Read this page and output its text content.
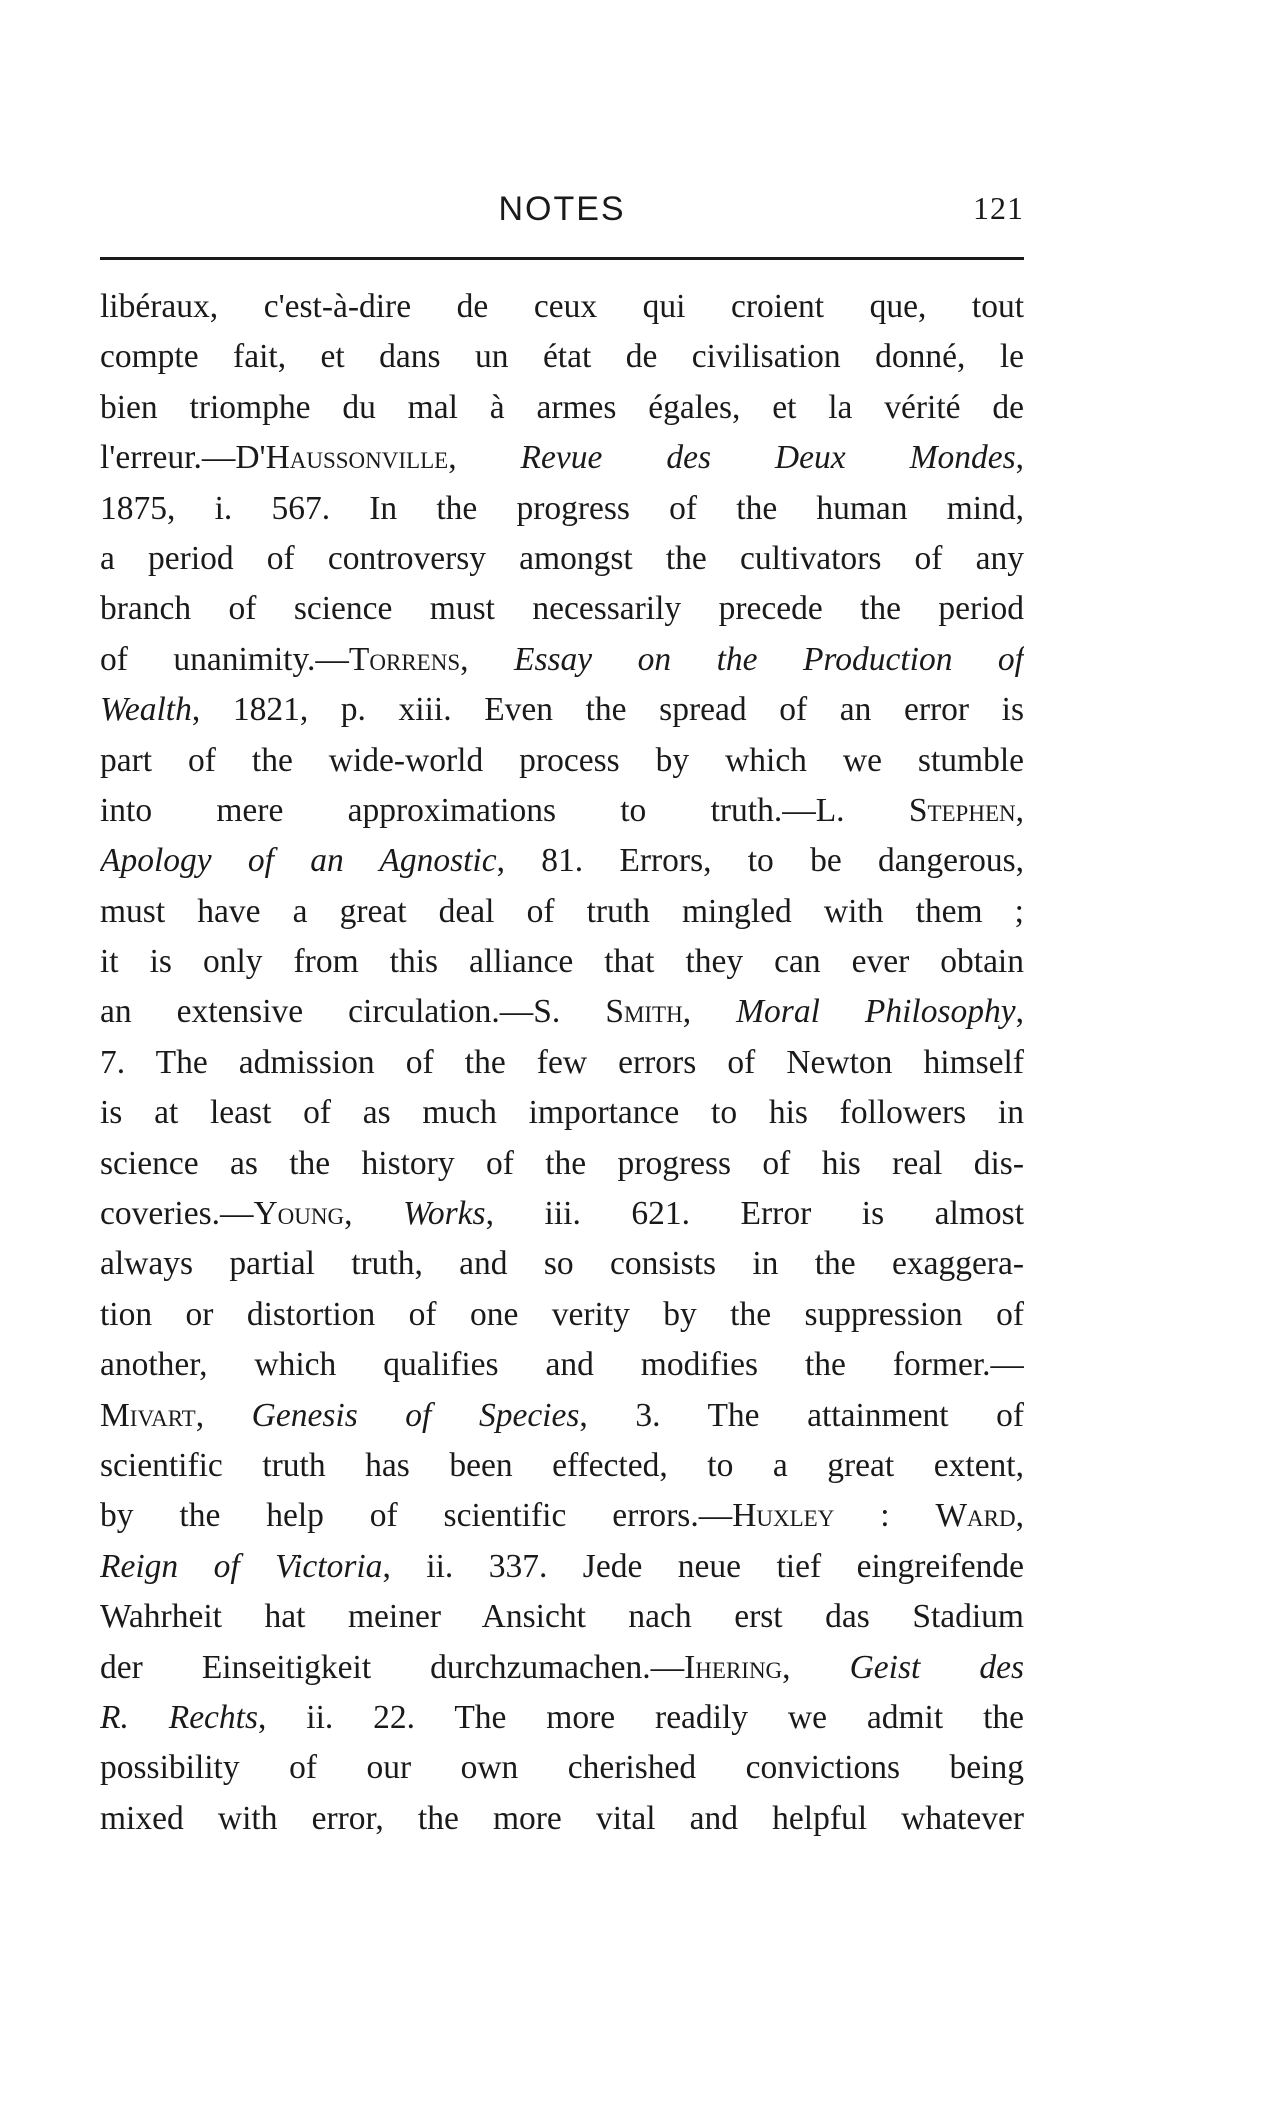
NOTES	121
libéraux, c'est-à-dire de ceux qui croient que, tout
compte fait, et dans un état de civilisation donné, le
bien triomphe du mal à armes égales, et la vérité de
l'erreur.—D'Haussonville, Revue des Deux Mondes,
1875, i. 567. In the progress of the human mind,
a period of controversy amongst the cultivators of any
branch of science must necessarily precede the period
of unanimity.—Torrens, Essay on the Production of
Wealth, 1821, p. xiii. Even the spread of an error is
part of the wide-world process by which we stumble
into mere approximations to truth.—L. Stephen,
Apology of an Agnostic, 81. Errors, to be dangerous,
must have a great deal of truth mingled with them ;
it is only from this alliance that they can ever obtain
an extensive circulation.—S. Smith, Moral Philosophy,
7. The admission of the few errors of Newton himself
is at least of as much importance to his followers in
science as the history of the progress of his real dis-
coveries.—Young, Works, iii. 621. Error is almost
always partial truth, and so consists in the exaggera-
tion or distortion of one verity by the suppression of
another, which qualifies and modifies the former.—
Mivart, Genesis of Species, 3. The attainment of
scientific truth has been effected, to a great extent,
by the help of scientific errors.—Huxley : Ward,
Reign of Victoria, ii. 337. Jede neue tief eingreifende
Wahrheit hat meiner Ansicht nach erst das Stadium
der Einseitigkeit durchzumachen.—Ihering, Geist des
R. Rechts, ii. 22. The more readily we admit the
possibility of our own cherished convictions being
mixed with error, the more vital and helpful whatever
